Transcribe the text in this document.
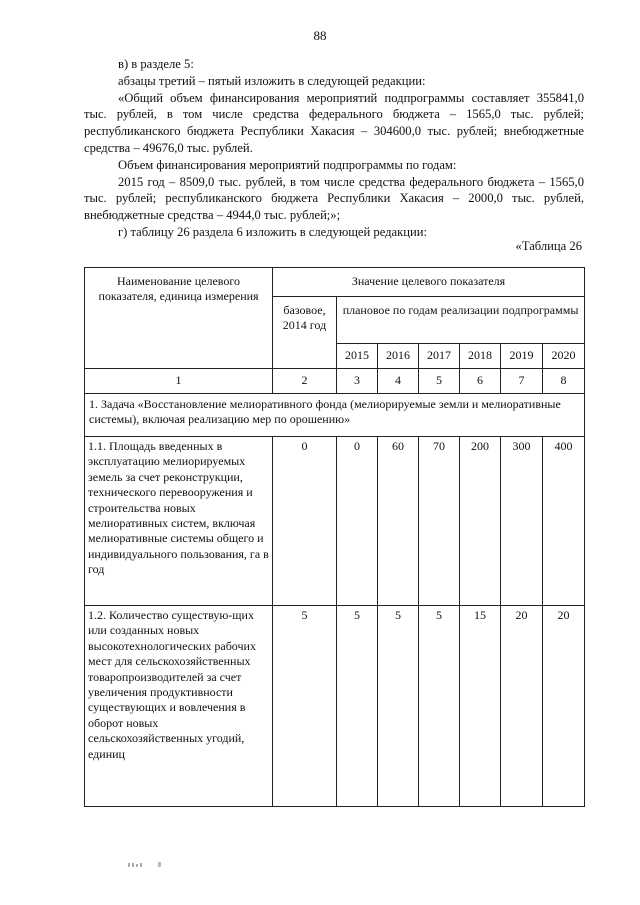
88

в) в разделе 5:

абзацы третий – пятый изложить в следующей редакции:

«Общий объем финансирования мероприятий подпрограммы составляет 355841,0 тыс. рублей, в том числе средства федерального бюджета – 1565,0 тыс. рублей; республиканского бюджета Республики Хакасия – 304600,0 тыс. рублей; внебюджетные средства – 49676,0 тыс. рублей.

Объем финансирования мероприятий подпрограммы по годам:

2015 год – 8509,0 тыс. рублей, в том числе средства федерального бюджета – 1565,0 тыс. рублей; республиканского бюджета Республики Хакасия – 2000,0 тыс. рублей, внебюджетные средства – 4944,0 тыс. рублей;»;

г) таблицу 26 раздела 6 изложить в следующей редакции:

«Таблица 26
Наименование целевого показателя, единица измерения	Значение целевого показателя						
	базовое, 2014 год	плановое по годам реализации подпрограммы					
		2015	2016	2017	2018	2019	2020
1	2	3	4	5	6	7	8
1. Задача «Восстановление мелиоративного фонда (мелиорируемые земли и мелиоративные системы), включая реализацию мер по орошению»							
1.1. Площадь введенных в эксплуатацию мелиорируемых земель за счет реконструкции, технического перевооружения и строительства новых мелиоративных систем, включая мелиоративные системы общего и индивидуального пользования, га в год	0	0	60	70	200	300	400
1.2. Количество существую-щих или созданных новых высокотехнологических рабочих мест для сельскохозяйственных товаропроизводителей за счет увеличения продуктивности существующих и вовлечения в оборот новых сельскохозяйственных угодий, единиц	5	5	5	5	15	20	20
